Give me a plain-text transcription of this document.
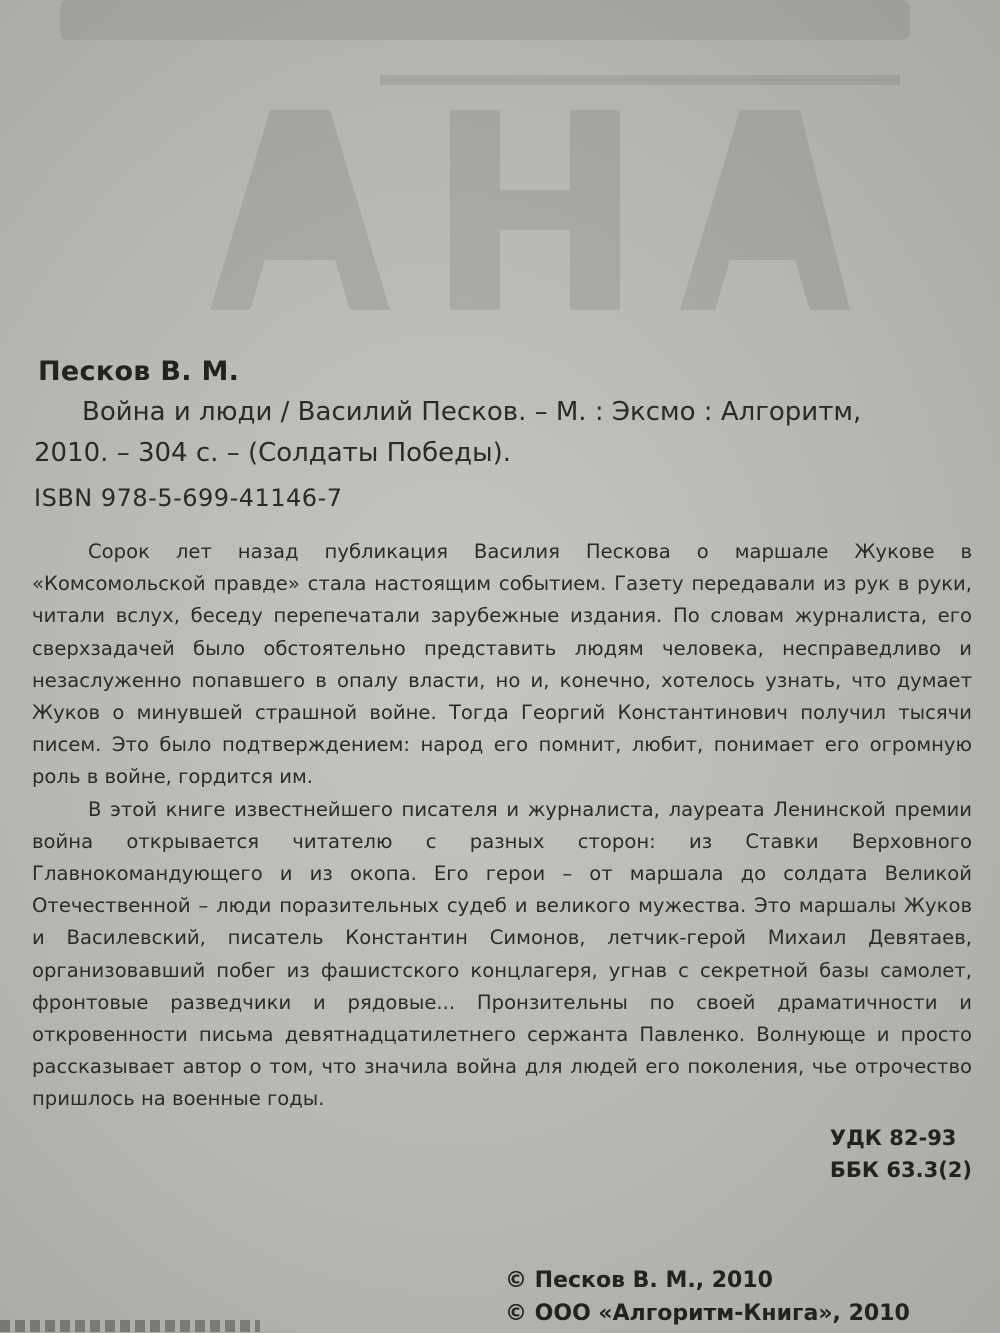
Песков В. М.
Война и люди / Василий Песков. – М. : Эксмо : Алгоритм,
2010. – 304 с. – (Солдаты Победы).
ISBN 978-5-699-41146-7

Сорок лет назад публикация Василия Пескова о маршале Жукове в «Комсомольской правде» стала настоящим событием. Газету передавали из рук в руки, читали вслух, беседу перепечатали зарубежные издания. По словам журналиста, его сверхзадачей было обстоятельно представить людям человека, несправедливо и незаслуженно попавшего в опалу власти, но и, конечно, хотелось узнать, что думает Жуков о минувшей страшной войне. Тогда Георгий Константинович получил тысячи писем. Это было подтверждением: народ его помнит, любит, понимает его огромную роль в войне, гордится им.

В этой книге известнейшего писателя и журналиста, лауреата Ленинской премии война открывается читателю с разных сторон: из Ставки Верховного Главнокомандующего и из окопа. Его герои – от маршала до солдата Великой Отечественной – люди поразительных судеб и великого мужества. Это маршалы Жуков и Василевский, писатель Константин Симонов, летчик-герой Михаил Девятаев, организовавший побег из фашистского концлагеря, угнав с секретной базы самолет, фронтовые разведчики и рядовые... Пронзительны по своей драматичности и откровенности письма девятнадцатилетнего сержанта Павленко. Волнующе и просто рассказывает автор о том, что значила война для людей его поколения, чье отрочество пришлось на военные годы.

УДК 82-93
ББК 63.3(2)
© Песков В. М., 2010
© ООО «Алгоритм-Книга», 2010
